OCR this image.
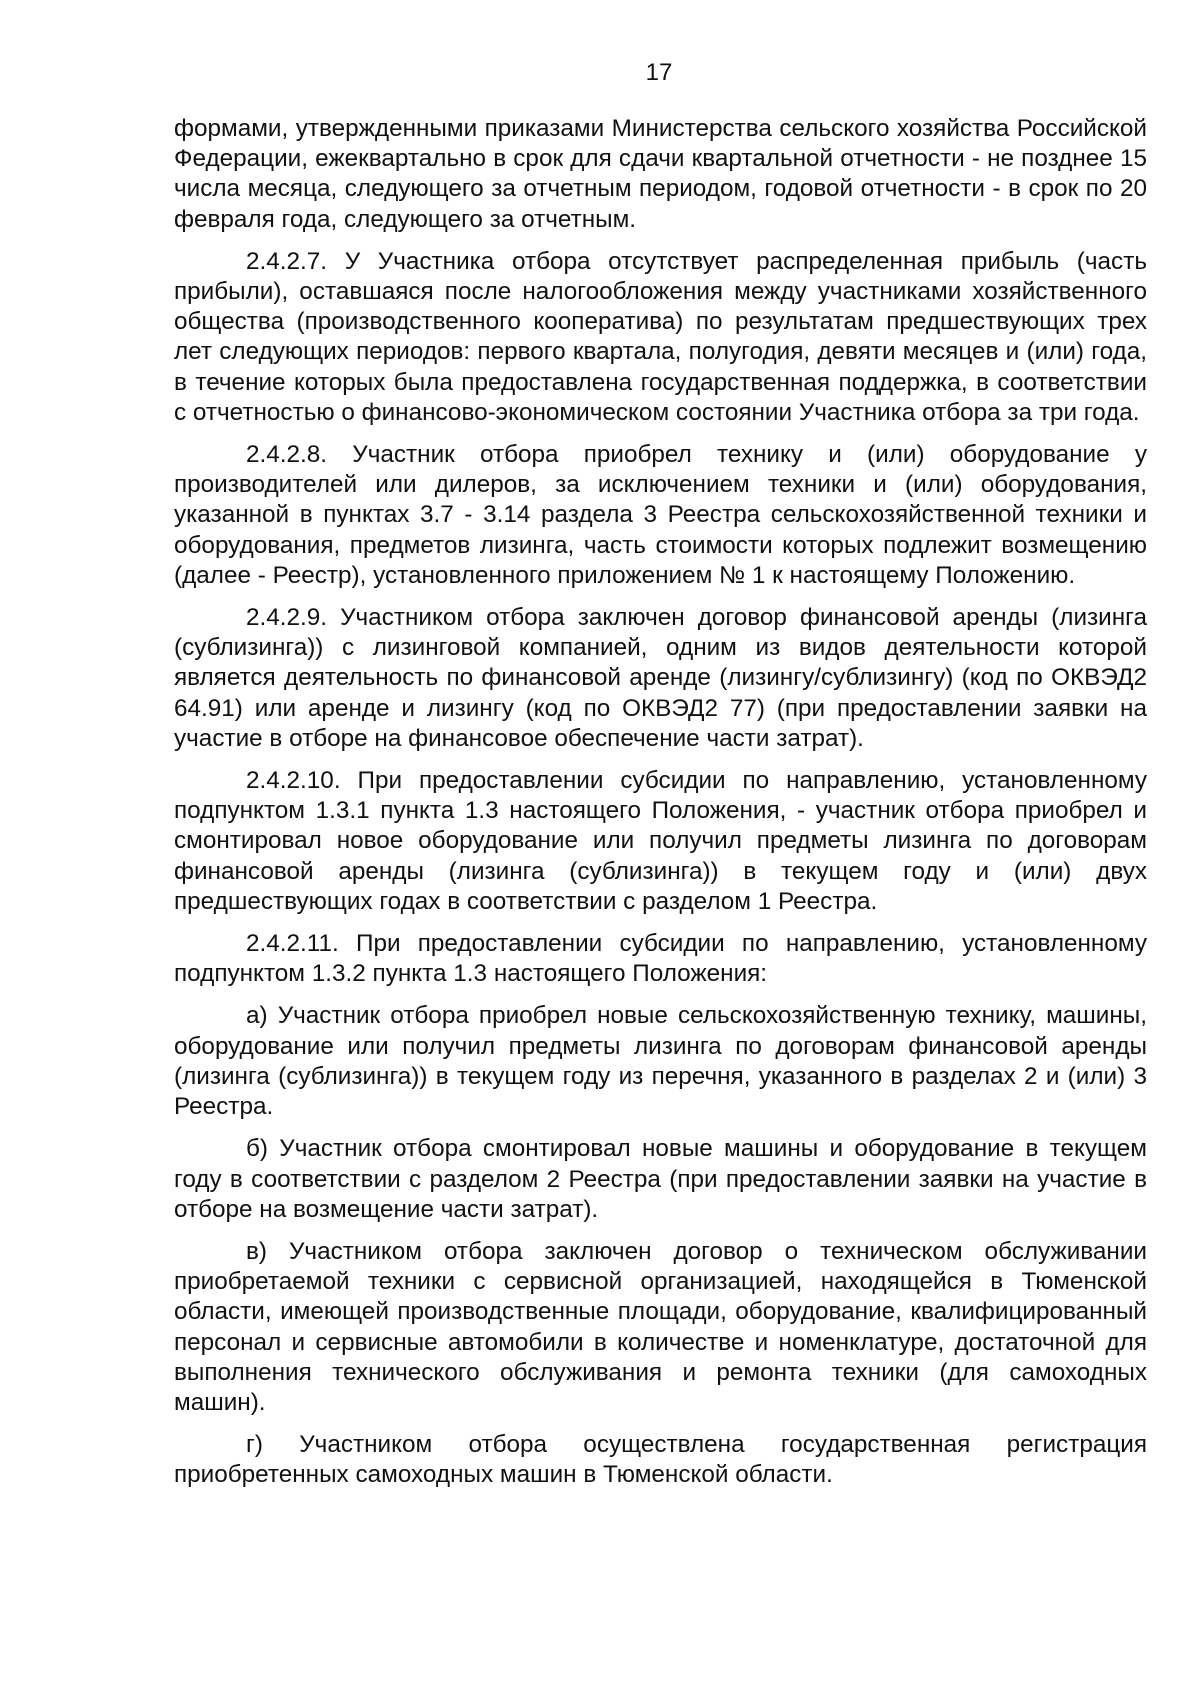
17

формами, утвержденными приказами Министерства сельского хозяйства Российской Федерации, ежеквартально в срок для сдачи квартальной отчетности - не позднее 15 числа месяца, следующего за отчетным периодом, годовой отчетности - в срок по 20 февраля года, следующего за отчетным.

2.4.2.7. У Участника отбора отсутствует распределенная прибыль (часть прибыли), оставшаяся после налогообложения между участниками хозяйственного общества (производственного кооператива) по результатам предшествующих трех лет следующих периодов: первого квартала, полугодия, девяти месяцев и (или) года, в течение которых была предоставлена государственная поддержка, в соответствии с отчетностью о финансово-экономическом состоянии Участника отбора за три года.

2.4.2.8. Участник отбора приобрел технику и (или) оборудование у производителей или дилеров, за исключением техники и (или) оборудования, указанной в пунктах 3.7 - 3.14 раздела 3 Реестра сельскохозяйственной техники и оборудования, предметов лизинга, часть стоимости которых подлежит возмещению (далее - Реестр), установленного приложением № 1 к настоящему Положению.

2.4.2.9. Участником отбора заключен договор финансовой аренды (лизинга (сублизинга)) с лизинговой компанией, одним из видов деятельности которой является деятельность по финансовой аренде (лизингу/сублизингу) (код по ОКВЭД2 64.91) или аренде и лизингу (код по ОКВЭД2 77) (при предоставлении заявки на участие в отборе на финансовое обеспечение части затрат).

2.4.2.10. При предоставлении субсидии по направлению, установленному подпунктом 1.3.1 пункта 1.3 настоящего Положения, - участник отбора приобрел и смонтировал новое оборудование или получил предметы лизинга по договорам финансовой аренды (лизинга (сублизинга)) в текущем году и (или) двух предшествующих годах в соответствии с разделом 1 Реестра.

2.4.2.11. При предоставлении субсидии по направлению, установленному подпунктом 1.3.2 пункта 1.3 настоящего Положения:

а) Участник отбора приобрел новые сельскохозяйственную технику, машины, оборудование или получил предметы лизинга по договорам финансовой аренды (лизинга (сублизинга)) в текущем году из перечня, указанного в разделах 2 и (или) 3 Реестра.

б) Участник отбора смонтировал новые машины и оборудование в текущем году в соответствии с разделом 2 Реестра (при предоставлении заявки на участие в отборе на возмещение части затрат).

в) Участником отбора заключен договор о техническом обслуживании приобретаемой техники с сервисной организацией, находящейся в Тюменской области, имеющей производственные площади, оборудование, квалифицированный персонал и сервисные автомобили в количестве и номенклатуре, достаточной для выполнения технического обслуживания и ремонта техники (для самоходных машин).

г) Участником отбора осуществлена государственная регистрация приобретенных самоходных машин в Тюменской области.
